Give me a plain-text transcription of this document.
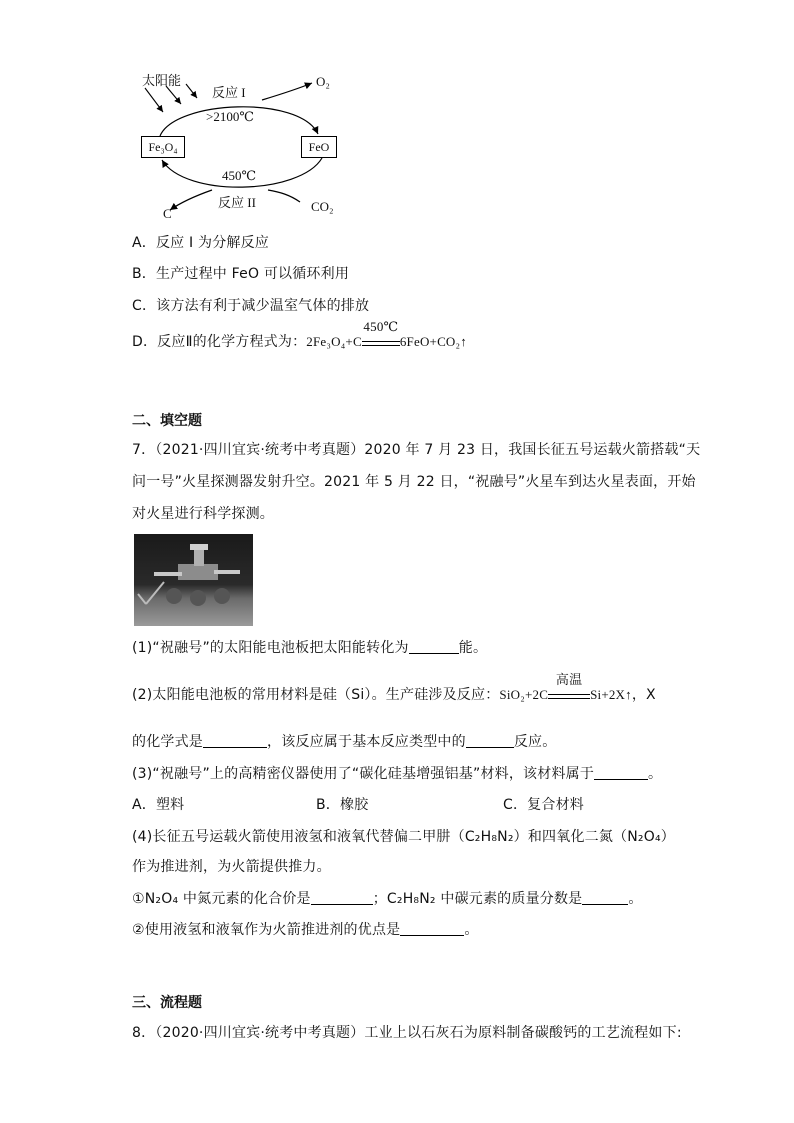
太阳能
反应 I
>2100℃
O₂
Fe₃O₄	FeO
450℃
反应 II
C	CO₂
A．反应 I 为分解反应
B．生产过程中 FeO 可以循环利用
C．该方法有利于减少温室气体的排放
D．反应Ⅱ的化学方程式为：2Fe₃O₄+C
450℃
6FeO+CO₂↑
二、填空题
7．（2021·四川宜宾·统考中考真题）2020 年 7 月 23 日，我国长征五号运载火箭搭载“天
问一号”火星探测器发射升空。2021 年 5 月 22 日，“祝融号”火星车到达火星表面，开始
对火星进行科学探测。
(1)“祝融号”的太阳能电池板把太阳能转化为	能。
(2)太阳能电池板的常用材料是硅（Si）。生产硅涉及反应：SiO₂+2C
高温
Si+2X↑，X
的化学式是	，该反应属于基本反应类型中的	反应。
(3)“祝融号”上的高精密仪器使用了“碳化硅基增强铝基”材料，该材料属于	。
A．塑料	B．橡胶	C．复合材料
(4)长征五号运载火箭使用液氢和液氧代替偏二甲肼（C₂H₈N₂）和四氧化二氮（N₂O₄）
作为推进剂，为火箭提供推力。
①N₂O₄ 中氮元素的化合价是	；C₂H₈N₂ 中碳元素的质量分数是	。
②使用液氢和液氧作为火箭推进剂的优点是	。
三、流程题
8．（2020·四川宜宾·统考中考真题）工业上以石灰石为原料制备碳酸钙的工艺流程如下:
